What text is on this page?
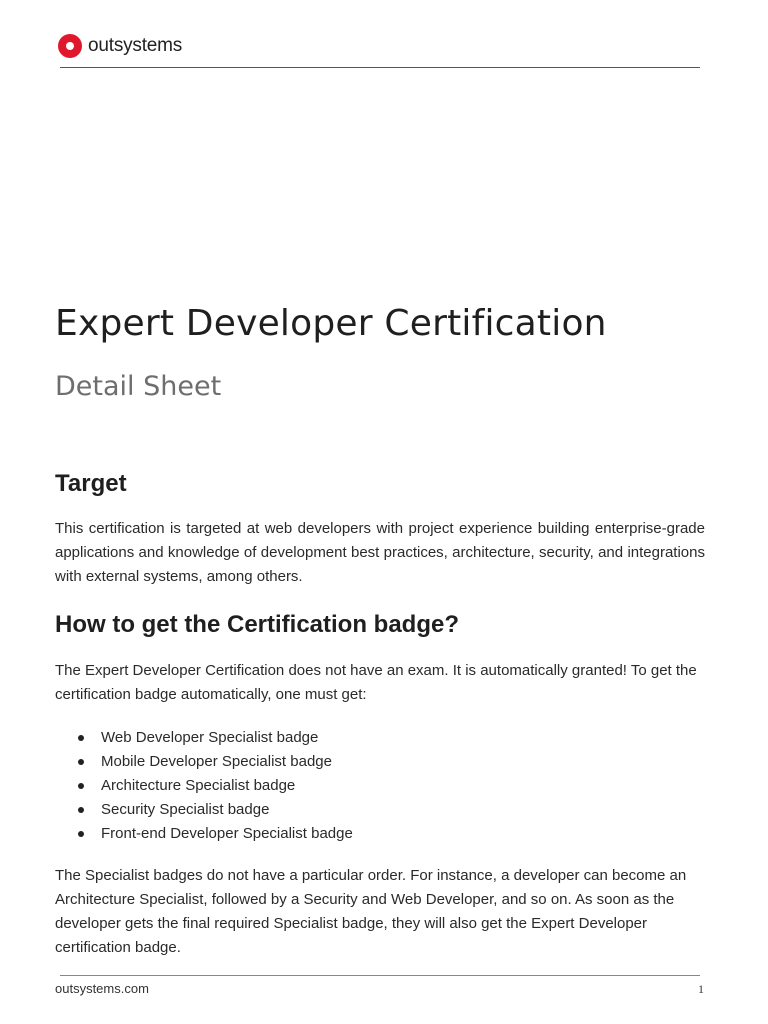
outsystems
Expert Developer Certification
Detail Sheet
Target

This certification is targeted at web developers with project experience building enterprise-grade applications and knowledge of development best practices, architecture, security, and integrations with external systems, among others.

How to get the Certification badge?

The Expert Developer Certification does not have an exam. It is automatically granted! To get the certification badge automatically, one must get:

Web Developer Specialist badge
Mobile Developer Specialist badge
Architecture Specialist badge
Security Specialist badge
Front-end Developer Specialist badge

The Specialist badges do not have a particular order. For instance, a developer can become an Architecture Specialist, followed by a Security and Web Developer, and so on. As soon as the developer gets the final required Specialist badge, they will also get the Expert Developer certification badge.

outsystems.com	1
